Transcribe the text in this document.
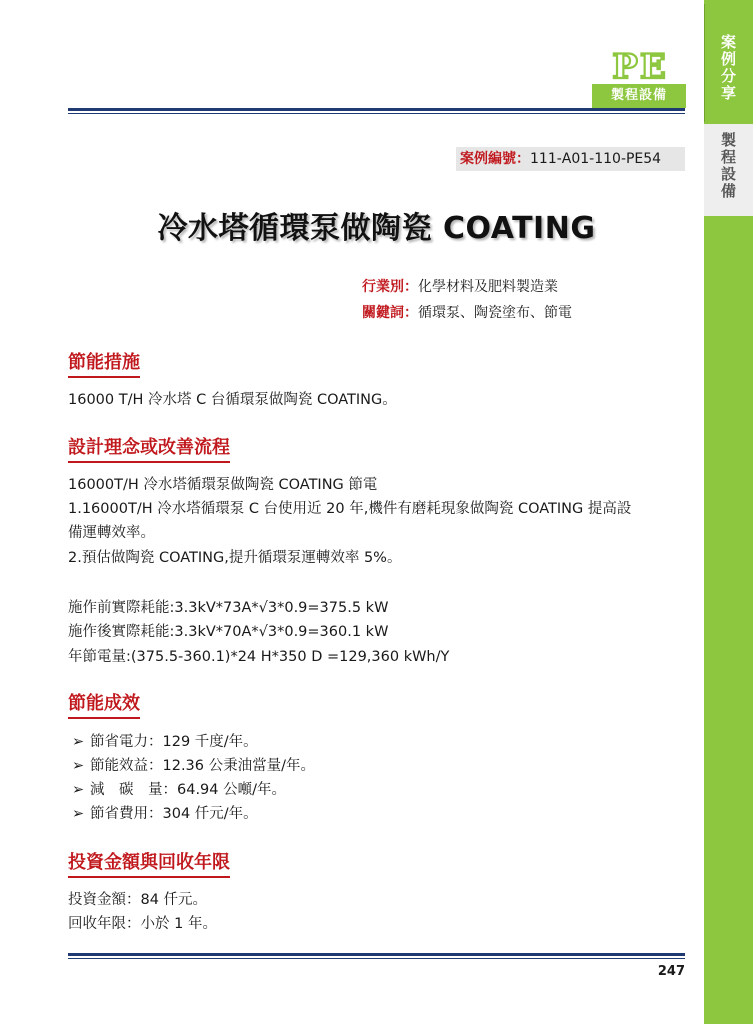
案
例
分
享
製
程
設
備
PE
製程設備
案例編號：111-A01-110-PE54
冷水塔循環泵做陶瓷 COATING
行業別：化學材料及肥料製造業
關鍵詞：循環泵、陶瓷塗布、節電
節能措施
16000 T/H 冷水塔 C 台循環泵做陶瓷 COATING。
設計理念或改善流程
16000T/H 冷水塔循環泵做陶瓷 COATING 節電
1.16000T/H 冷水塔循環泵 C 台使用近 20 年,機件有磨耗現象做陶瓷 COATING 提高設
備運轉效率。
2.預估做陶瓷 COATING,提升循環泵運轉效率 5%。
施作前實際耗能:3.3kV*73A*√3*0.9=375.5 kW
施作後實際耗能:3.3kV*70A*√3*0.9=360.1 kW
年節電量:(375.5-360.1)*24 H*350 D =129,360 kWh/Y
節能成效
➢ 節省電力：129 千度/年。
➢ 節能效益：12.36 公秉油當量/年。
➢ 減　碳　量：64.94 公噸/年。
➢ 節省費用：304 仟元/年。
投資金額與回收年限
投資金額：84 仟元。
回收年限：小於 1 年。
247
